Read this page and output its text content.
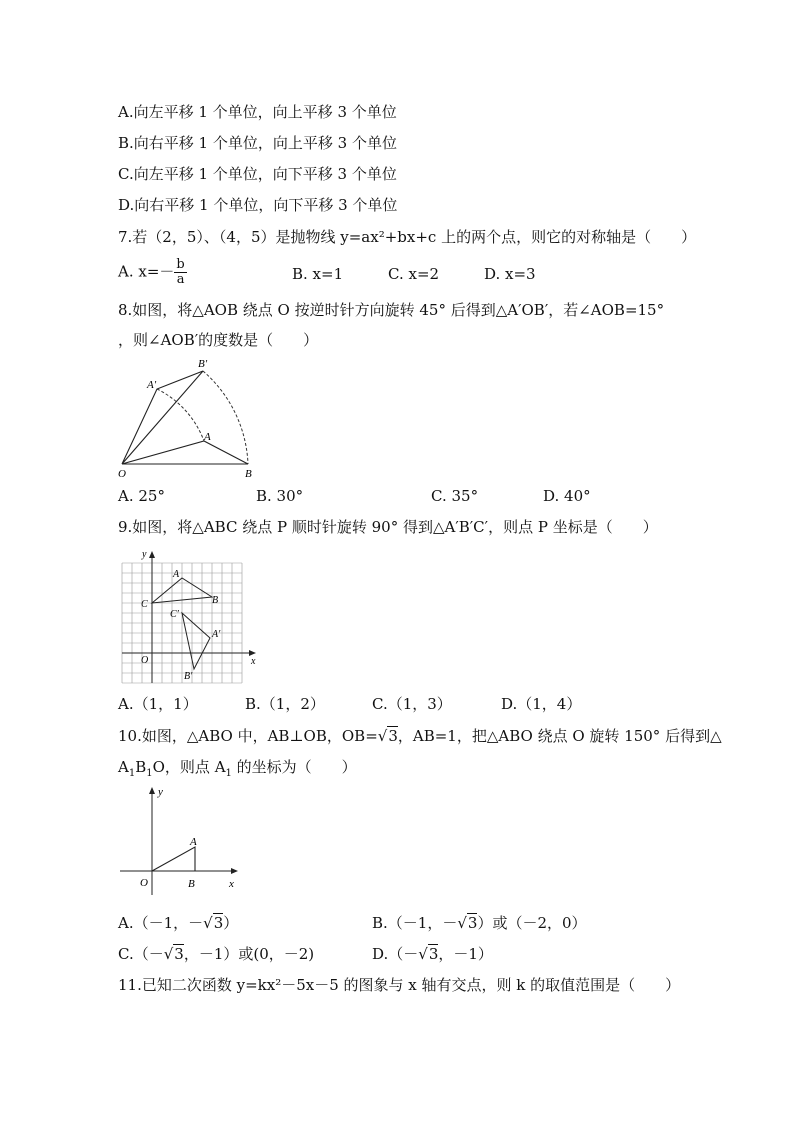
A.向左平移 1 个单位，向上平移 3 个单位
B.向右平移 1 个单位，向上平移 3 个单位
C.向左平移 1 个单位，向下平移 3 个单位
D.向右平移 1 个单位，向下平移 3 个单位
7.若（2，5）、（4，5）是抛物线 y=ax²+bx+c 上的两个点，则它的对称轴是（　　）
A. $x=- \frac{b}{a}$	B. x=1	C. x=2	D. x=3
8.如图，将△AOB 绕点 O 按逆时针方向旋转 45° 后得到△A′OB′，若∠AOB=15°
，则∠AOB′的度数是（　　）
B′
A′
A
O	B
A. 25°	B. 30°	C. 35°	D. 40°
9.如图，将△ABC 绕点 P 顺时针旋转 90° 得到△A′B′C′，则点 P 坐标是（　　）
y
x
O
A
B
C
C′
A′
B′
A.（1，1）	B.（1，2）	C.（1，3）	D.（1，4）
10.如图，△ABO 中，AB⊥OB，OB=√3，AB=1，把△ABO 绕点 O 旋转 150° 后得到△
$A_1B_1O$，则点 $A_1$ 的坐标为（　　）
y
x
O
A
B
A.（－1，－√3）	B.（－1，－√3）或（－2，0）
C.（－√3，－1）或(0，－2)	D.（－√3，－1）
11.已知二次函数 y=kx²－5x－5 的图象与 x 轴有交点，则 k 的取值范围是（　　）
